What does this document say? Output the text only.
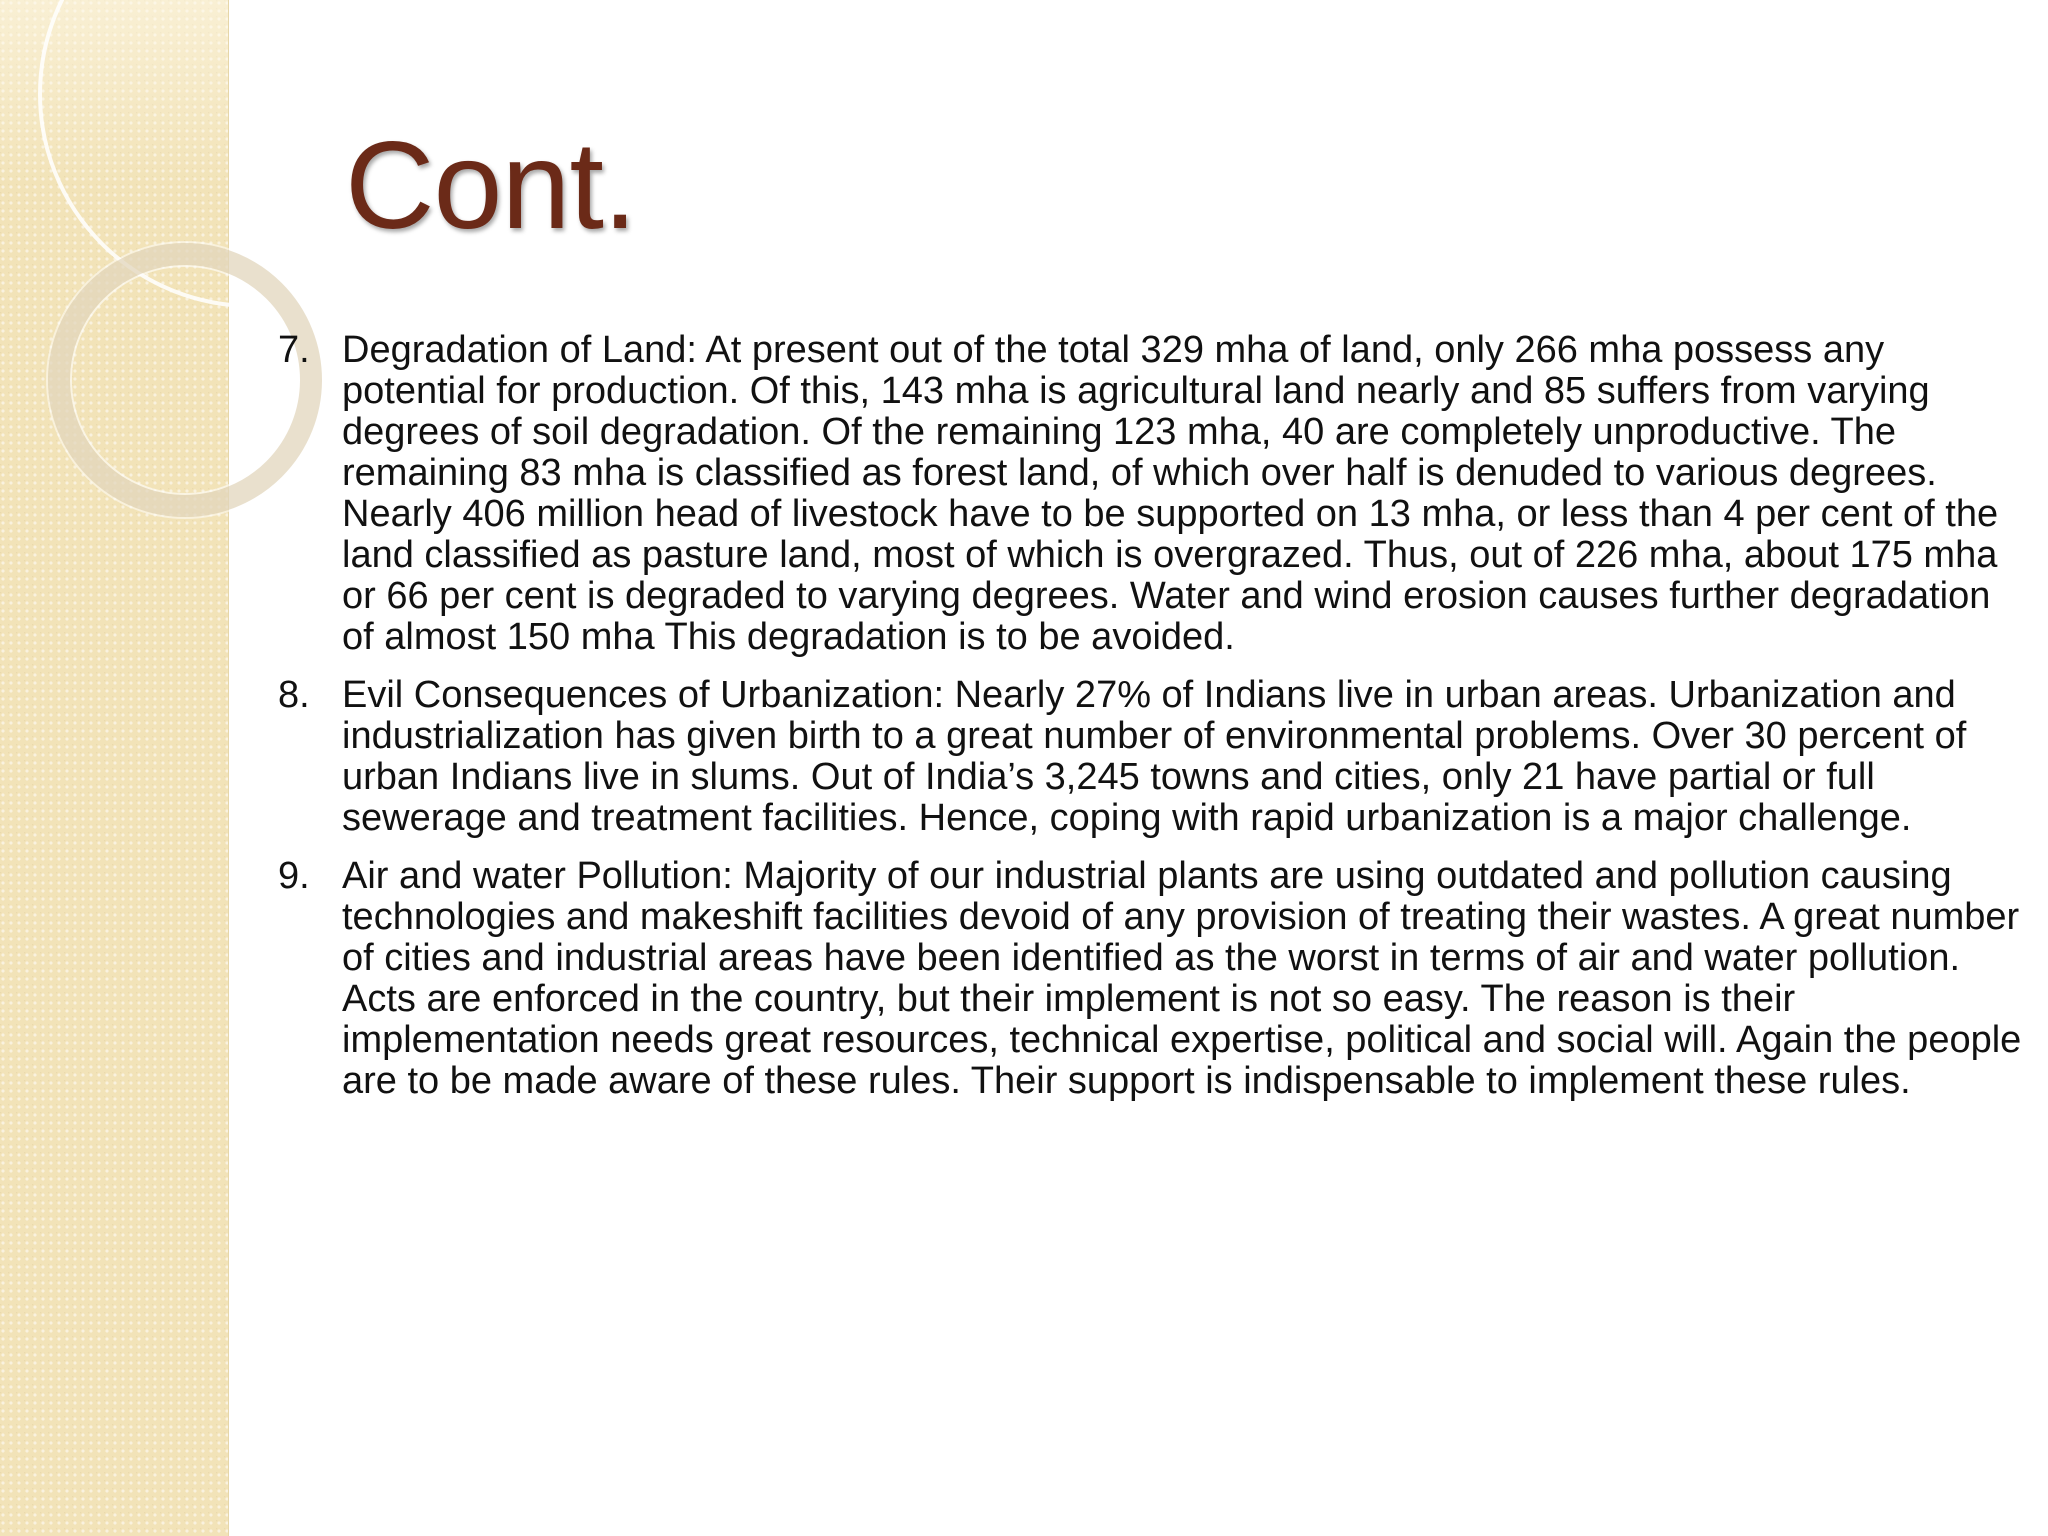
Cont.
7. Degradation of Land: At present out of the total 329 mha of land, only 266 mha possess any potential for production. Of this, 143 mha is agricultural land nearly and 85 suffers from varying degrees of soil degradation. Of the remaining 123 mha, 40 are completely unproductive. The remaining 83 mha is classified as forest land, of which over half is denuded to various degrees. Nearly 406 million head of livestock have to be supported on 13 mha, or less than 4 per cent of the land classified as pasture land, most of which is overgrazed. Thus, out of 226 mha, about 175 mha or 66 per cent is degraded to varying degrees. Water and wind erosion causes further degradation of almost 150 mha This degradation is to be avoided.
8. Evil Consequences of Urbanization: Nearly 27% of Indians live in urban areas. Urbanization and industrialization has given birth to a great number of environmental problems. Over 30 percent of urban Indians live in slums. Out of India’s 3,245 towns and cities, only 21 have partial or full sewerage and treatment facilities. Hence, coping with rapid urbanization is a major challenge.
9. Air and water Pollution: Majority of our industrial plants are using outdated and pollution causing technologies and makeshift facilities devoid of any provision of treating their wastes. A great number of cities and industrial areas have been identified as the worst in terms of air and water pollution. Acts are enforced in the country, but their implement is not so easy. The reason is their implementation needs great resources, technical expertise, political and social will. Again the people are to be made aware of these rules. Their support is indispensable to implement these rules.
